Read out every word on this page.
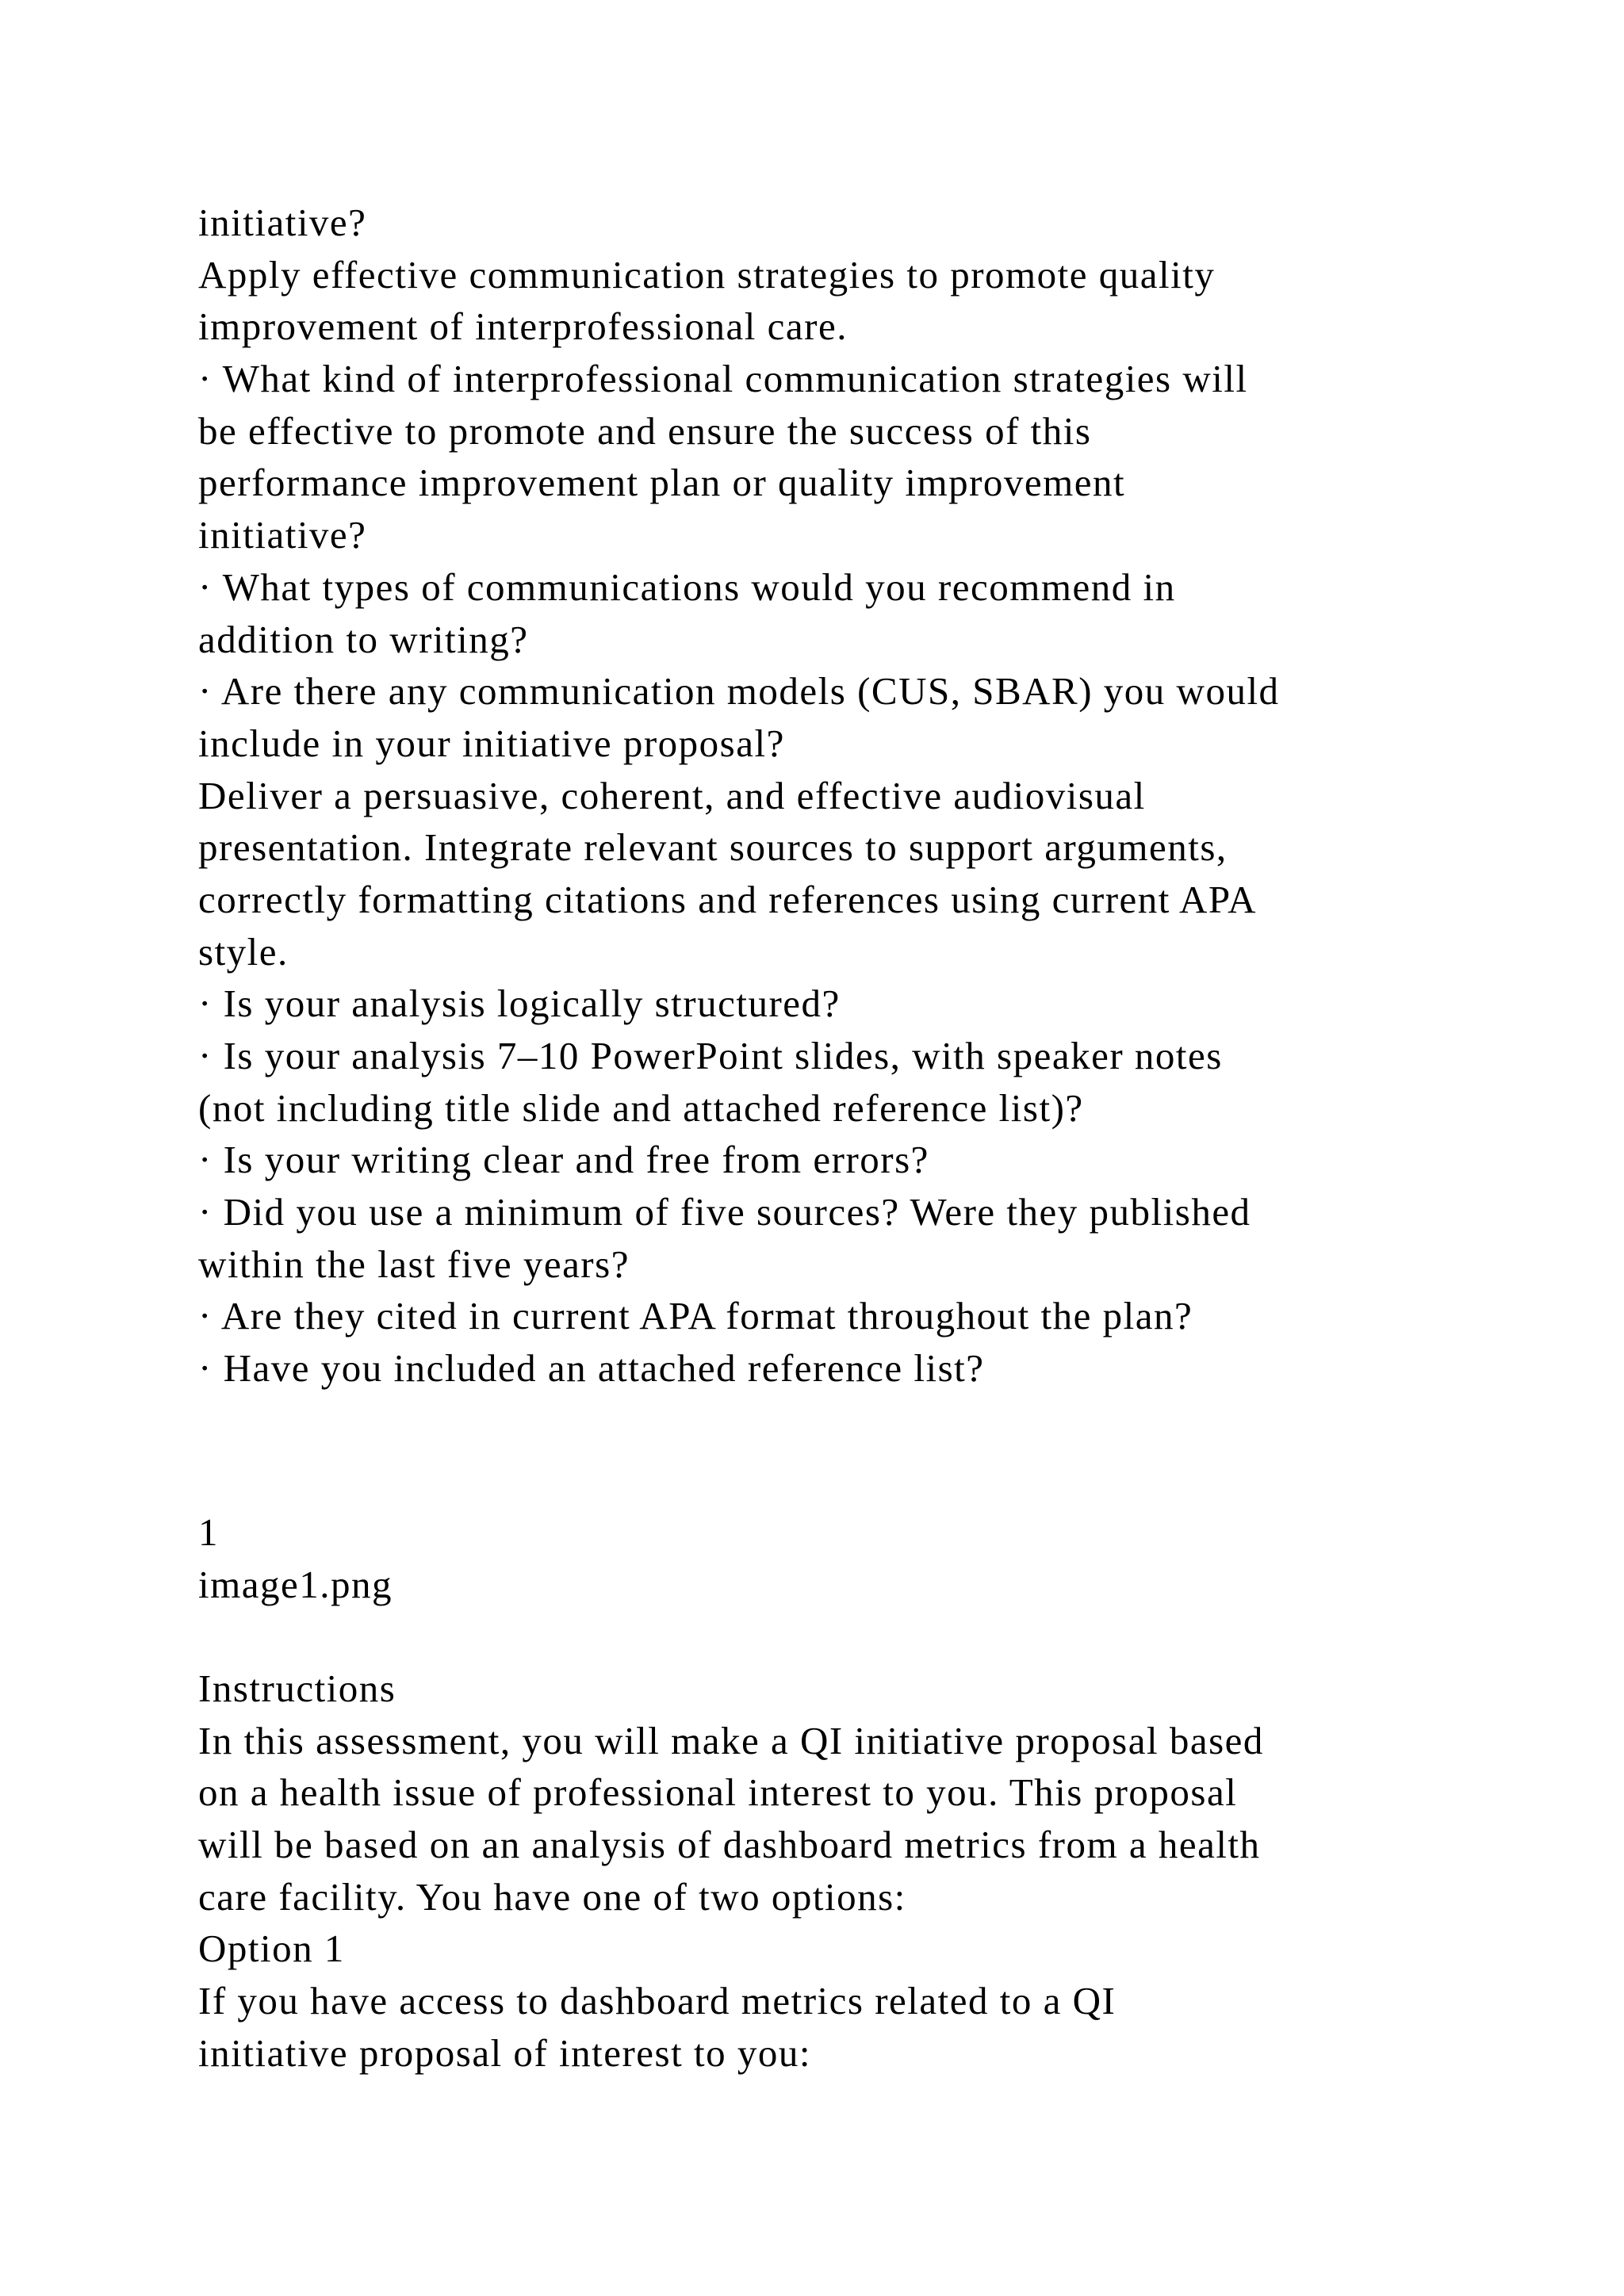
initiative?
Apply effective communication strategies to promote quality
improvement of interprofessional care.
· What kind of interprofessional communication strategies will
be effective to promote and ensure the success of this
performance improvement plan or quality improvement
initiative?
· What types of communications would you recommend in
addition to writing?
· Are there any communication models (CUS, SBAR) you would
include in your initiative proposal?
Deliver a persuasive, coherent, and effective audiovisual
presentation. Integrate relevant sources to support arguments,
correctly formatting citations and references using current APA
style.
· Is your analysis logically structured?
· Is your analysis 7–10 PowerPoint slides, with speaker notes
(not including title slide and attached reference list)?
· Is your writing clear and free from errors?
· Did you use a minimum of five sources? Were they published
within the last five years?
· Are they cited in current APA format throughout the plan?
· Have you included an attached reference list?
1
image1.png
Instructions
In this assessment, you will make a QI initiative proposal based
on a health issue of professional interest to you. This proposal
will be based on an analysis of dashboard metrics from a health
care facility. You have one of two options:
Option 1
If you have access to dashboard metrics related to a QI
initiative proposal of interest to you:
